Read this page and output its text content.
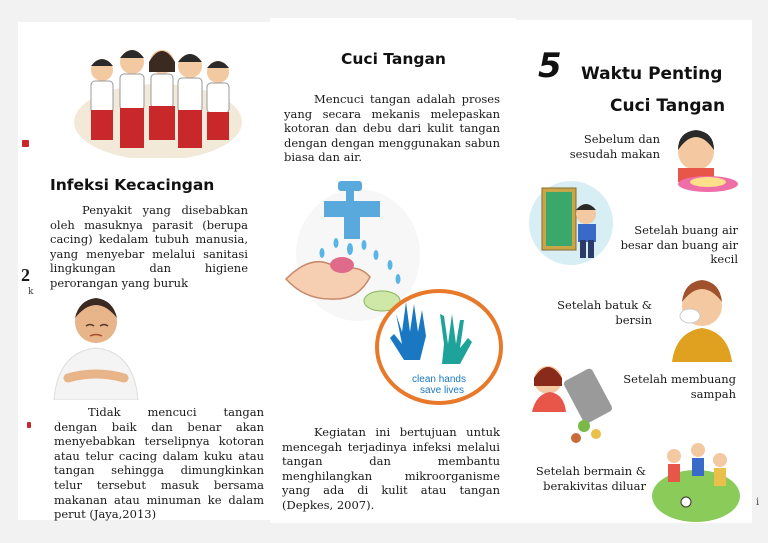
Infeksi Kecacingan
2
k
Penyakit yang disebabkan oleh masuknya parasit (berupa cacing) kedalam tubuh manusia, yang menyebar melalui sanitasi lingkungan dan higiene perorangan yang buruk
Tidak mencuci tangan dengan baik dan benar akan menyebabkan terselipnya kotoran atau telur cacing dalam kuku atau tangan sehingga dimungkinkan telur tersebut masuk bersama makanan atau minuman ke dalam perut (Jaya,2013)
Cuci Tangan
Mencuci tangan adalah proses yang secara mekanis melepaskan kotoran dan debu dari kulit tangan dengan dengan menggunakan sabun biasa dan air.
clean hands
save lives
Kegiatan ini bertujuan untuk mencegah terjadinya infeksi melalui tangan dan membantu menghilangkan mikroorganisme yang ada di kulit atau tangan (Depkes, 2007).
5 Waktu Penting
Cuci Tangan
Sebelum dan
sesudah makan
Setelah buang air
besar dan buang air
kecil
Setelah batuk &
bersin
Setelah membuang
sampah
Setelah bermain &
berakivitas diluar
i
